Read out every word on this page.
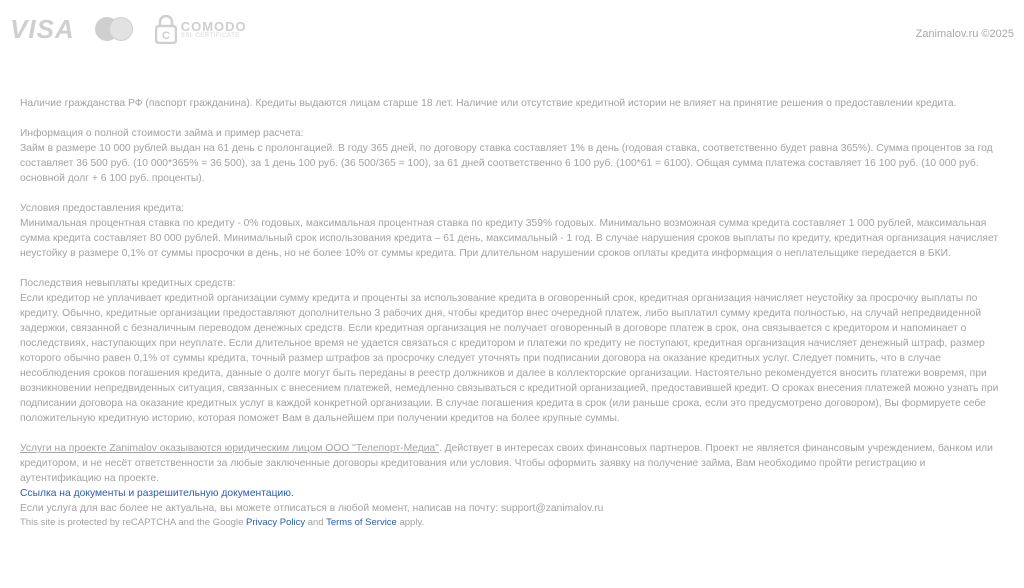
VISA	C
COMODO
SSL CERTIFICATE	Zanimalov.ru ©2025

Наличие гражданства РФ (паспорт гражданина). Кредиты выдаются лицам старше 18 лет. Наличие или отсутствие кредитной истории не влияет на принятие решения о предоставлении кредита.

Информация о полной стоимости займа и пример расчета:

Займ в размере 10 000 рублей выдан на 61 день с пролонгацией. В году 365 дней, по договору ставка составляет 1% в день (годовая ставка, соответственно будет равна 365%). Сумма процентов за год составляет 36 500 руб. (10 000*365% = 36 500), за 1 день 100 руб. (36 500/365 = 100), за 61 дней соответственно 6 100 руб. (100*61 = 6100). Общая сумма платежа составляет 16 100 руб. (10 000 руб. основной долг + 6 100 руб. проценты).

Условия предоставления кредита:

Минимальная процентная ставка по кредиту - 0% годовых, максимальная процентная ставка по кредиту 359% годовых. Минимально возможная сумма кредита составляет 1 000 рублей, максимальная сумма кредита составляет 80 000 рублей. Минимальный срок использования кредита – 61 день, максимальный - 1 год. В случае нарушения сроков выплаты по кредиту, кредитная организация начисляет неустойку в размере 0,1% от суммы просрочки в день, но не более 10% от суммы кредита. При длительном нарушении сроков оплаты кредита информация о неплательщике передается в БКИ.

Последствия невыплаты кредитных средств:

Если кредитор не уплачивает кредитной организации сумму кредита и проценты за использование кредита в оговоренный срок, кредитная организация начисляет неустойку за просрочку выплаты по кредиту. Обычно, кредитные организации предоставляют дополнительно 3 рабочих дня, чтобы кредитор внес очередной платеж, либо выплатил сумму кредита полностью, на случай непредвиденной задержки, связанной с безналичным переводом денежных средств. Если кредитная организация не получает оговоренный в договоре платеж в срок, она связывается с кредитором и напоминает о последствиях, наступающих при неуплате. Если длительное время не удается связаться с кредитором и платежи по кредиту не поступают, кредитная организация начисляет денежный штраф, размер которого обычно равен 0,1% от суммы кредита, точный размер штрафов за просрочку следует уточнять при подписании договора на оказание кредитных услуг. Следует помнить, что в случае несоблюдения сроков погашения кредита, данные о долге могут быть переданы в реестр должников и далее в коллекторские организации. Настоятельно рекомендуется вносить платежи вовремя, при возникновении непредвиденных ситуация, связанных с внесением платежей, немедленно связываться с кредитной организацией, предоставившей кредит. О сроках внесения платежей можно узнать при подписании договора на оказание кредитных услуг в каждой конкретной организации. В случае погашения кредита в срок (или раньше срока, если это предусмотрено договором), Вы формируете себе положительную кредитную историю, которая поможет Вам в дальнейшем при получении кредитов на более крупные суммы.

Услуги на проекте Zanimalov оказываются юридическим лицом ООО "Телепорт-Медиа". Действует в интересах своих финансовых партнеров. Проект не является финансовым учреждением, банком или кредитором, и не несёт ответственности за любые заключенные договоры кредитования или условия. Чтобы оформить заявку на получение займа, Вам необходимо пройти регистрацию и аутентификацию на проекте.

Ссылка на документы и разрешительную документацию.

Если услуга для вас более не актуальна, вы можете отписаться в любой момент, написав на почту: support@zanimalov.ru

This site is protected by reCAPTCHA and the Google Privacy Policy and Terms of Service apply.
